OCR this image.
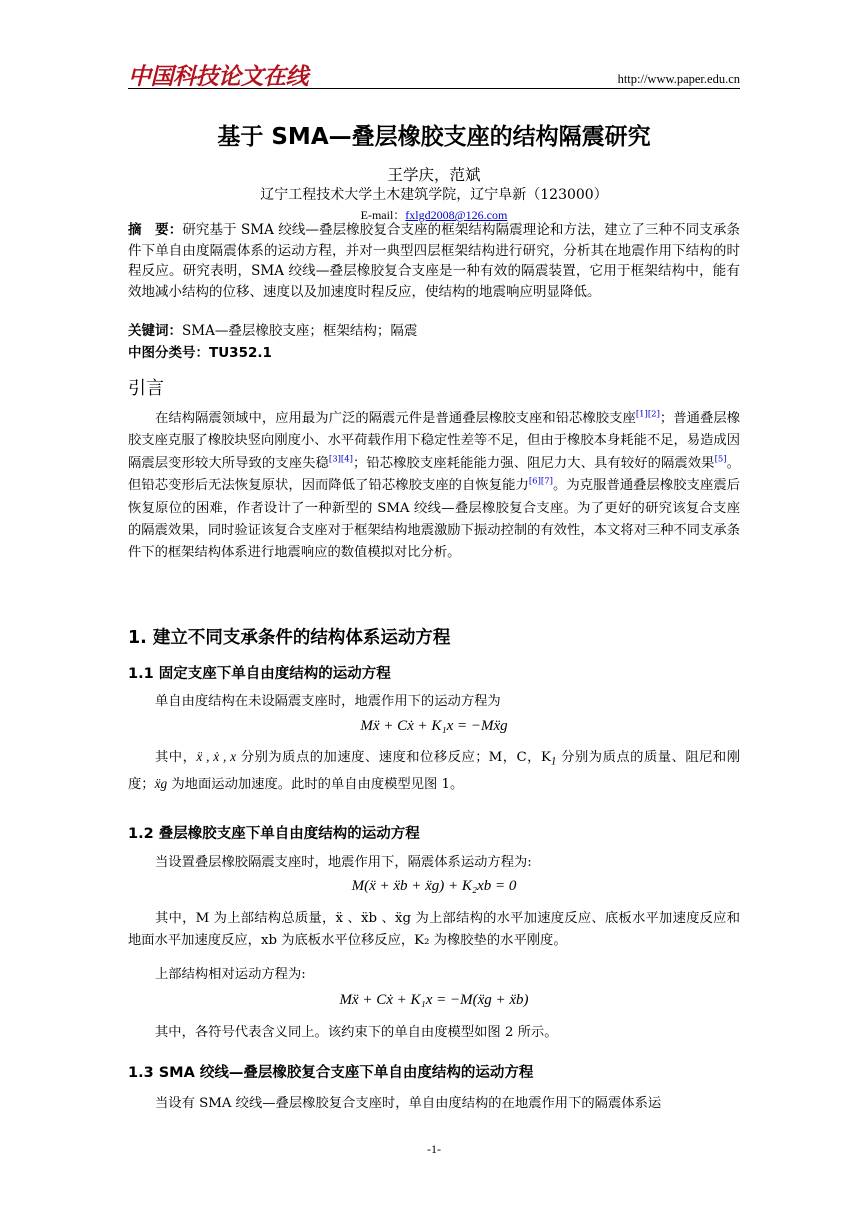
中国科技论文在线	http://www.paper.edu.cn
基于 SMA—叠层橡胶支座的结构隔震研究
王学庆，范斌
辽宁工程技术大学土木建筑学院，辽宁阜新（123000）
E-mail：fxlgd2008@126.com
摘　要：研究基于 SMA 绞线—叠层橡胶复合支座的框架结构隔震理论和方法，建立了三种不同支承条件下单自由度隔震体系的运动方程，并对一典型四层框架结构进行研究，分析其在地震作用下结构的时程反应。研究表明，SMA 绞线—叠层橡胶复合支座是一种有效的隔震装置，它用于框架结构中，能有效地减小结构的位移、速度以及加速度时程反应，使结构的地震响应明显降低。
关键词：SMA—叠层橡胶支座；框架结构；隔震
中图分类号：TU352.1
引言
在结构隔震领域中，应用最为广泛的隔震元件是普通叠层橡胶支座和铅芯橡胶支座[1][2]；普通叠层橡胶支座克服了橡胶块竖向刚度小、水平荷载作用下稳定性差等不足，但由于橡胶本身耗能不足，易造成因隔震层变形较大所导致的支座失稳[3][4]；铅芯橡胶支座耗能能力强、阻尼力大、具有较好的隔震效果[5]。但铅芯变形后无法恢复原状，因而降低了铅芯橡胶支座的自恢复能力[6][7]。为克服普通叠层橡胶支座震后恢复原位的困难，作者设计了一种新型的 SMA 绞线—叠层橡胶复合支座。为了更好的研究该复合支座的隔震效果，同时验证该复合支座对于框架结构地震激励下振动控制的有效性，本文将对三种不同支承条件下的框架结构体系进行地震响应的数值模拟对比分析。
1. 建立不同支承条件的结构体系运动方程
1.1 固定支座下单自由度结构的运动方程
单自由度结构在未设隔震支座时，地震作用下的运动方程为
Mẍ + Cẋ + K₁x = −Mẍg
其中，ẍ , ẋ , x 分别为质点的加速度、速度和位移反应；M，C，$K_1$ 分别为质点的质量、阻尼和刚度；ẍg 为地面运动加速度。此时的单自由度模型见图 1。
1.2 叠层橡胶支座下单自由度结构的运动方程
当设置叠层橡胶隔震支座时，地震作用下，隔震体系运动方程为:
M(ẍ + ẍb + ẍg) + K₂xb = 0
其中，M 为上部结构总质量，ẍ 、ẍb 、ẍg 为上部结构的水平加速度反应、底板水平加速度反应和地面水平加速度反应，xb 为底板水平位移反应，K₂ 为橡胶垫的水平刚度。
上部结构相对运动方程为:
Mẍ + Cẋ + K₁x = −M(ẍg + ẍb)
其中，各符号代表含义同上。该约束下的单自由度模型如图 2 所示。
1.3 SMA 绞线—叠层橡胶复合支座下单自由度结构的运动方程
当设有 SMA 绞线—叠层橡胶复合支座时，单自由度结构的在地震作用下的隔震体系运
-1-
